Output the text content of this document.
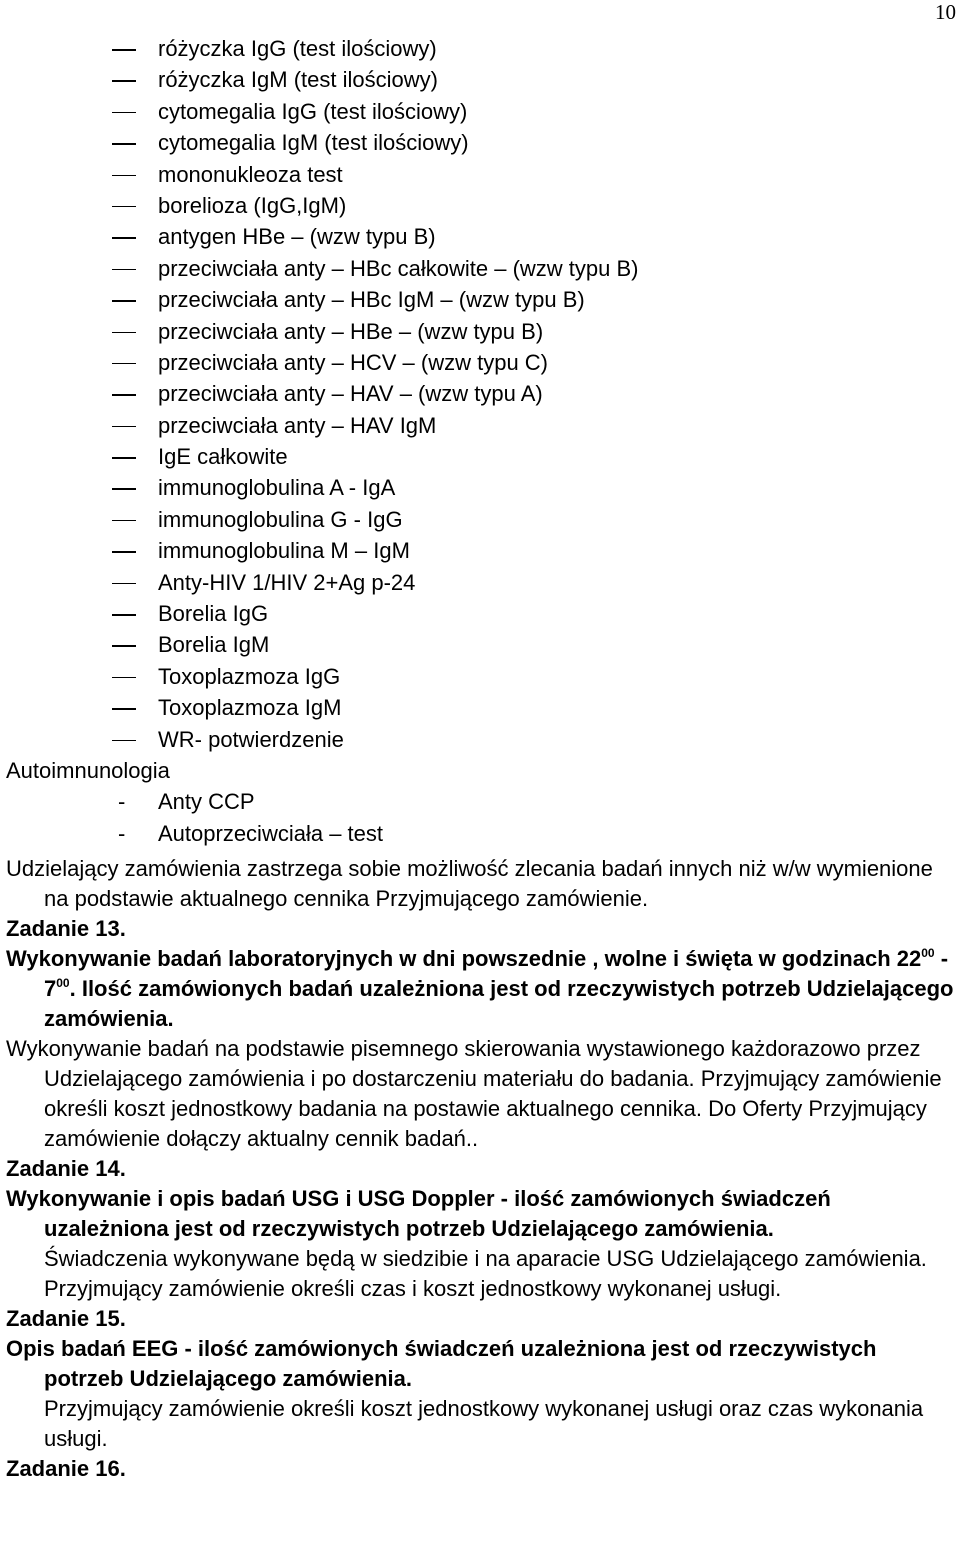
10
różyczka IgG (test ilościowy)
różyczka IgM (test ilościowy)
cytomegalia IgG (test ilościowy)
cytomegalia IgM (test ilościowy)
mononukleoza test
borelioza (IgG,IgM)
antygen HBe – (wzw typu B)
przeciwciała anty – HBc całkowite – (wzw typu B)
przeciwciała anty – HBc IgM – (wzw typu B)
przeciwciała anty – HBe – (wzw typu B)
przeciwciała anty – HCV – (wzw typu C)
przeciwciała anty – HAV – (wzw typu A)
przeciwciała anty – HAV IgM
IgE całkowite
immunoglobulina A - IgA
immunoglobulina G - IgG
immunoglobulina M – IgM
Anty-HIV 1/HIV 2+Ag p-24
Borelia IgG
Borelia IgM
Toxoplazmoza IgG
Toxoplazmoza IgM
WR- potwierdzenie
Autoimnunologia
- Anty CCP
- Autoprzeciwciała – test

Udzielający zamówienia zastrzega sobie możliwość zlecania badań innych niż w/w wymienione na podstawie aktualnego cennika Przyjmującego zamówienie.

Zadanie 13.

Wykonywanie badań laboratoryjnych w dni powszednie , wolne i święta w godzinach $22^{00} - 7^{00}$. Ilość zamówionych badań uzależniona jest od rzeczywistych potrzeb Udzielającego zamówienia.

Wykonywanie badań na podstawie pisemnego skierowania wystawionego każdorazowo przez Udzielającego zamówienia i po dostarczeniu materiału do badania. Przyjmujący zamówienie określi koszt jednostkowy badania na postawie aktualnego cennika. Do Oferty Przyjmujący zamówienie dołączy aktualny cennik badań..

Zadanie 14.

Wykonywanie i opis badań USG i USG Doppler - ilość zamówionych świadczeń uzależniona jest od rzeczywistych potrzeb Udzielającego zamówienia.

Świadczenia wykonywane będą w siedzibie i na aparacie USG Udzielającego zamówienia. Przyjmujący zamówienie określi czas i koszt jednostkowy wykonanej usługi.

Zadanie 15.

Opis badań EEG - ilość zamówionych świadczeń uzależniona jest od rzeczywistych potrzeb Udzielającego zamówienia.

Przyjmujący zamówienie określi koszt jednostkowy wykonanej usługi oraz czas wykonania usługi.

Zadanie 16.
